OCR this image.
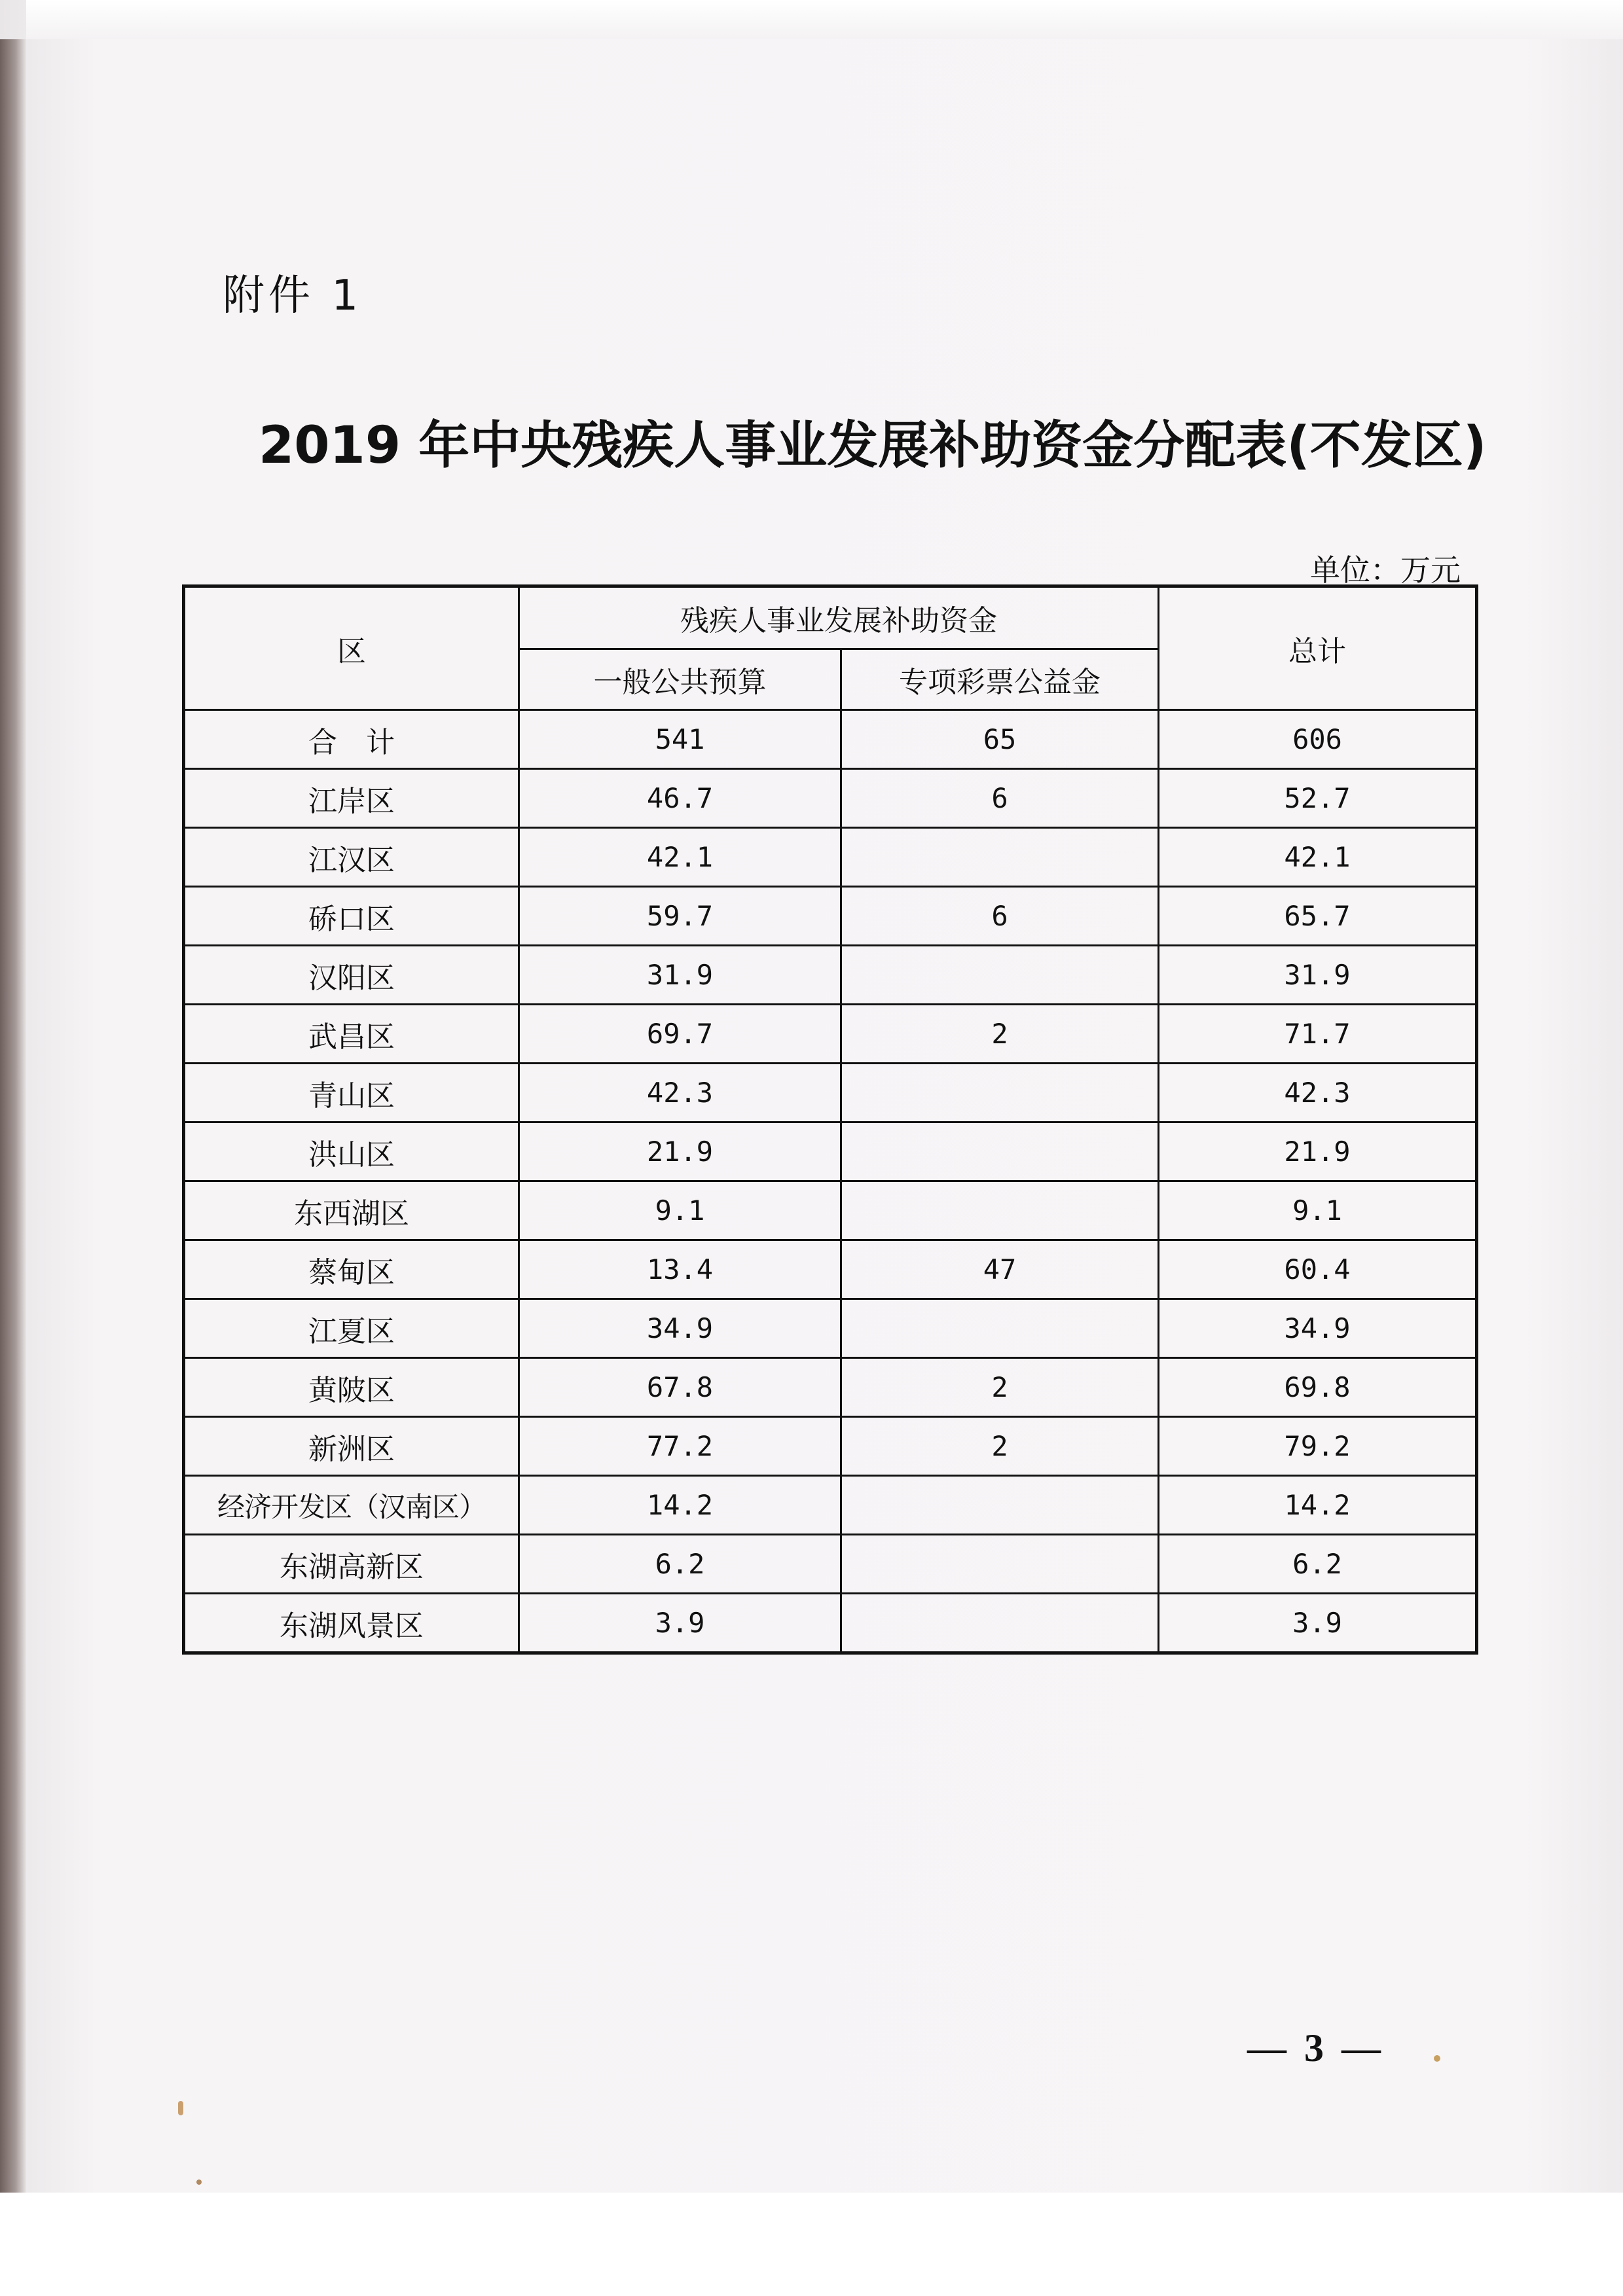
附件 1
2019 年中央残疾人事业发展补助资金分配表(不发区)
单位：万元
区	残疾人事业发展补助资金		总计
	一般公共预算	专项彩票公益金	
合　计	541	65	606
江岸区	46.7	6	52.7
江汉区	42.1		42.1
硚口区	59.7	6	65.7
汉阳区	31.9		31.9
武昌区	69.7	2	71.7
青山区	42.3		42.3
洪山区	21.9		21.9
东西湖区	9.1		9.1
蔡甸区	13.4	47	60.4
江夏区	34.9		34.9
黄陂区	67.8	2	69.8
新洲区	77.2	2	79.2
经济开发区（汉南区）	14.2		14.2
东湖高新区	6.2		6.2
东湖风景区	3.9		3.9
— 3 —
